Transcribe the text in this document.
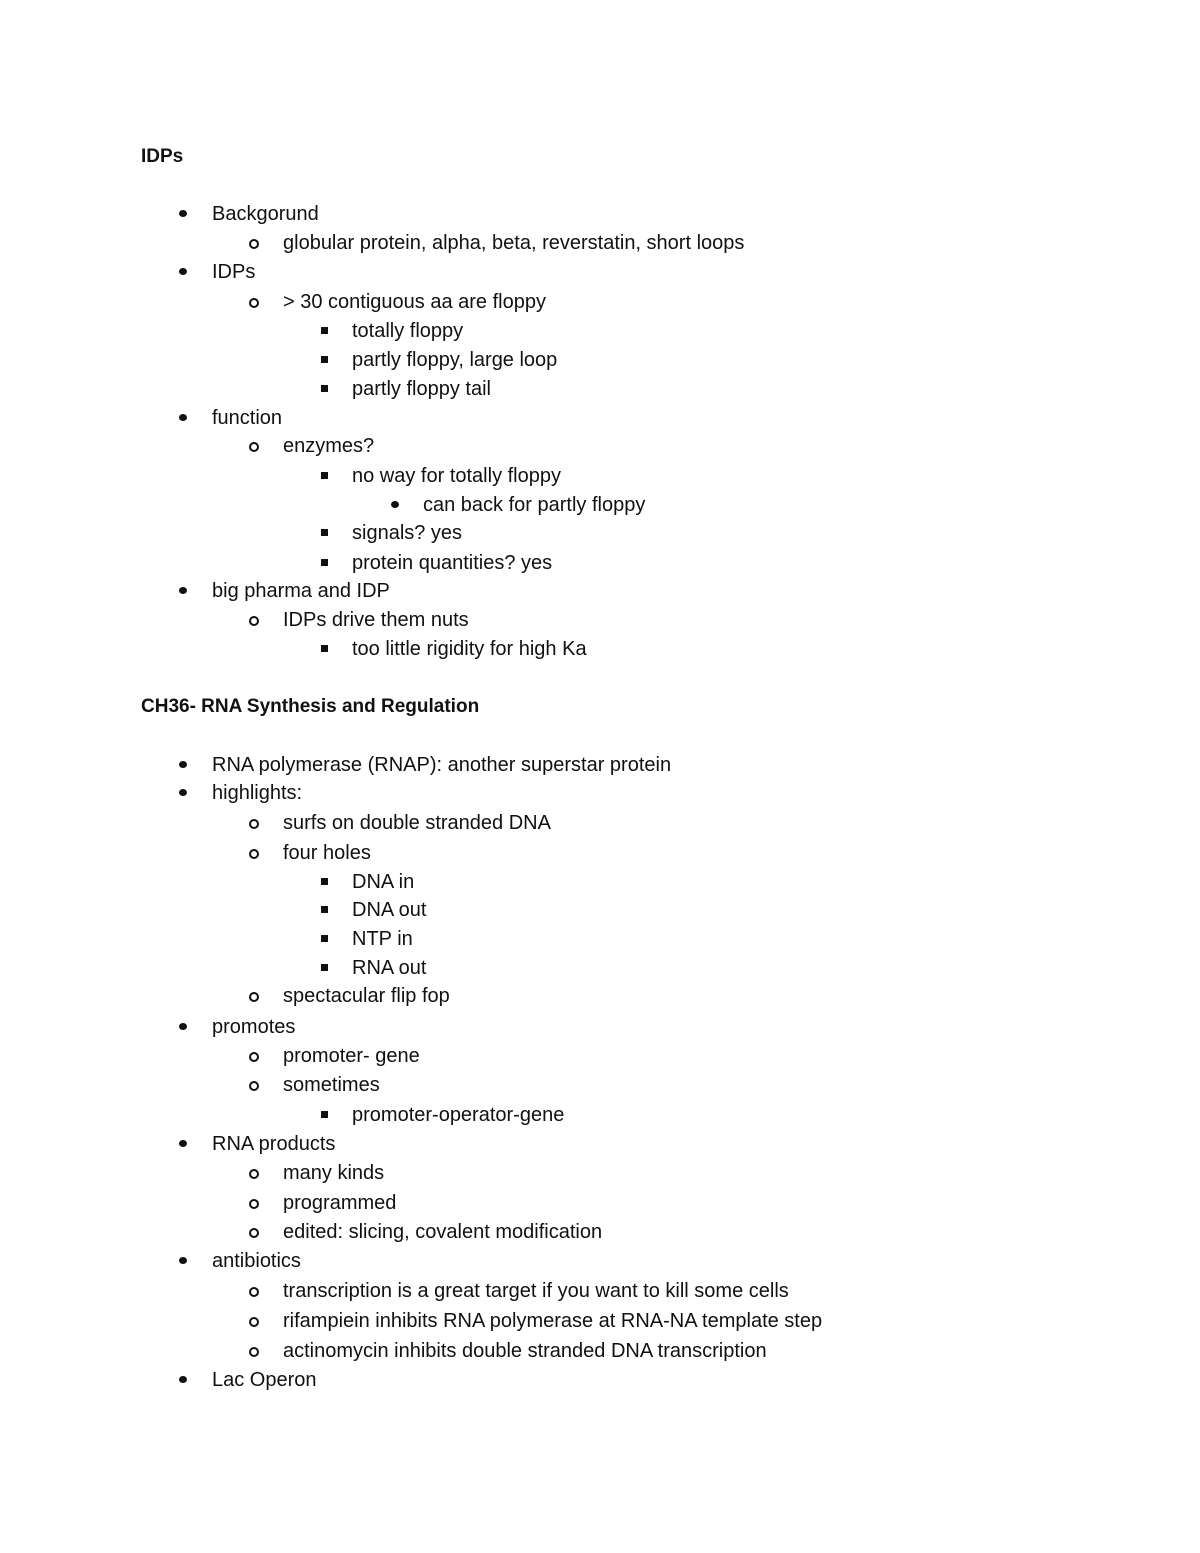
IDPs
Backgorund
globular protein, alpha, beta, reverstatin, short loops
IDPs
> 30 contiguous aa are floppy
totally floppy
partly floppy, large loop
partly floppy tail
function
enzymes?
no way for totally floppy
can back for partly floppy
signals? yes
protein quantities? yes
big pharma and IDP
IDPs drive them nuts
too little rigidity for high Ka
CH36- RNA Synthesis and Regulation
RNA polymerase (RNAP): another superstar protein
highlights:
surfs on double stranded DNA
four holes
DNA in
DNA out
NTP in
RNA out
spectacular flip fop
promotes
promoter- gene
sometimes
promoter-operator-gene
RNA products
many kinds
programmed
edited: slicing, covalent modification
antibiotics
transcription is a great target if you want to kill some cells
rifampiein inhibits RNA polymerase at RNA-NA template step
actinomycin inhibits double stranded DNA transcription
Lac Operon
